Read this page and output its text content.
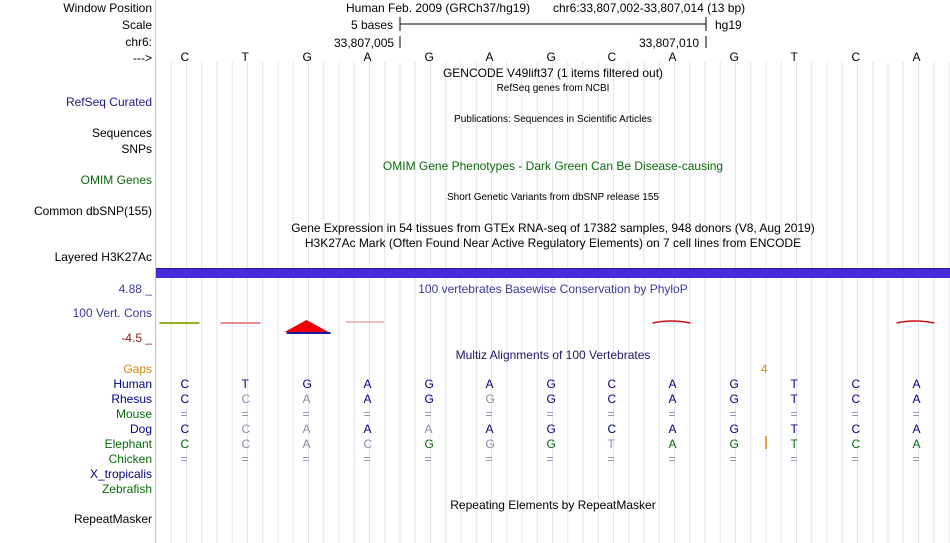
Window Position
Scale
chr6:
--->
RefSeq Curated
Sequences
SNPs
OMIM Genes
Common dbSNP(155)
Layered H3K27Ac
4.88 _
100 Vert. Cons
-4.5 _
Gaps
Human
Rhesus
Mouse
Dog
Elephant
Chicken
X_tropicalis
Zebrafish
RepeatMasker
Human Feb. 2009 (GRCh37/hg19) chr6:33,807,002-33,807,014 (13 bp)
5 bases	hg19
33,807,005	33,807,010
C	T	G	A	G	A	G	C	A	G	T	C	A
GENCODE V49lift37 (1 items filtered out)
RefSeq genes from NCBI
Publications: Sequences in Scientific Articles
OMIM Gene Phenotypes - Dark Green Can Be Disease-causing
Short Genetic Variants from dbSNP release 155
Gene Expression in 54 tissues from GTEx RNA-seq of 17382 samples, 948 donors (V8, Aug 2019)
H3K27Ac Mark (Often Found Near Active Regulatory Elements) on 7 cell lines from ENCODE
100 vertebrates Basewise Conservation by PhyloP
Multiz Alignments of 100 Vertebrates
4
Repeating Elements by RepeatMasker
C	T	G	A	G	A	G	C	A	G	T	C	A
C	C	A	A	G	G	G	C	A	G	T	C	A
=	=	=	=	=	=	=	=	=	=	=	=	=
C	C	A	A	A	A	G	C	A	G	T	C	A
C	C	A	C	G	G	G	T	A	G	T	C	A
=	=	=	=	=	=	=	=	=	=	=	=	=
